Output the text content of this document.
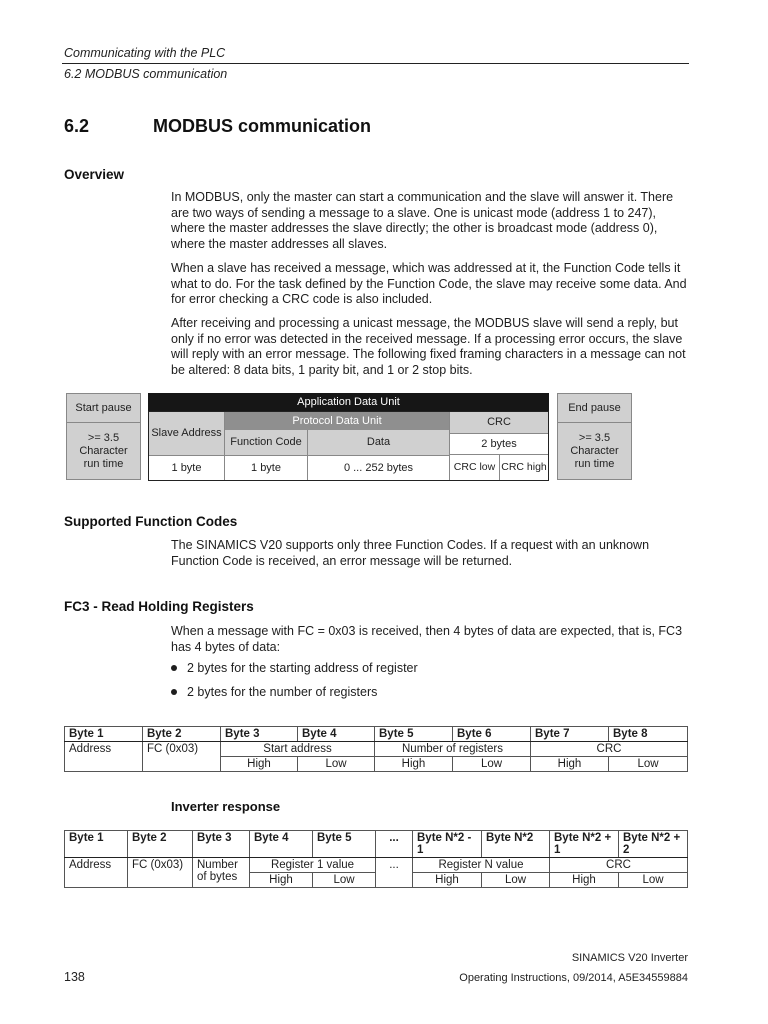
Communicating with the PLC
6.2 MODBUS communication
6.2	MODBUS communication
Overview
In MODBUS, only the master can start a communication and the slave will answer it. There are two ways of sending a message to a slave. One is unicast mode (address 1 to 247), where the master addresses the slave directly; the other is broadcast mode (address 0), where the master addresses all slaves.
When a slave has received a message, which was addressed at it, the Function Code tells it what to do. For the task defined by the Function Code, the slave may receive some data. And for error checking a CRC code is also included.
After receiving and processing a unicast message, the MODBUS slave will send a reply, but only if no error was detected in the received message. If a processing error occurs, the slave will reply with an error message. The following fixed framing characters in a message can not be altered: 8 data bits, 1 parity bit, and 1 or 2 stop bits.
Start pause
>= 3.5 Character run time
Application Data Unit
Slave Address
1 byte
Protocol Data Unit
Function Code	Data
1 byte	0 ... 252 bytes
CRC
2 bytes
CRC low CRC high
End pause
>= 3.5 Character run time
Supported Function Codes
The SINAMICS V20 supports only three Function Codes. If a request with an unknown Function Code is received, an error message will be returned.
FC3 - Read Holding Registers
When a message with FC = 0x03 is received, then 4 bytes of data are expected, that is, FC3 has 4 bytes of data:
2 bytes for the starting address of register
2 bytes for the number of registers
Byte 1	Byte 2	Byte 3	Byte 4	Byte 5	Byte 6	Byte 7	Byte 8
Address	FC (0x03)	Start address		Number of registers		CRC	
		High	Low	High	Low	High	Low
Inverter response
Byte 1	Byte 2	Byte 3	Byte 4	Byte 5	...	Byte N*2 - 1	Byte N*2	Byte N*2 + 1	Byte N*2 + 2
Address	FC (0x03)	Number of bytes	Register 1 value		...	Register N value		CRC	
			High	Low		High	Low	High	Low
SINAMICS V20 Inverter
138	Operating Instructions, 09/2014, A5E34559884
